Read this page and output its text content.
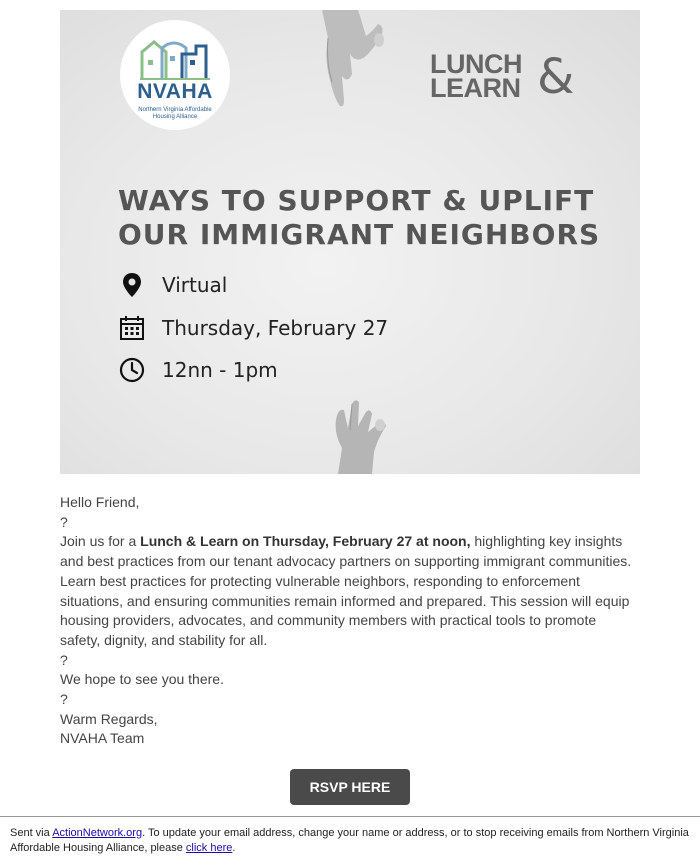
NVAHA
Northern Virginia Affordable Housing Alliance
LUNCH
LEARN &
WAYS TO SUPPORT & UPLIFT
OUR IMMIGRANT NEIGHBORS
Virtual
Thursday, February 27
12nn - 1pm

Hello Friend,

?

Join us for a Lunch & Learn on Thursday, February 27 at noon, highlighting key insights and best practices from our tenant advocacy partners on supporting immigrant communities. Learn best practices for protecting vulnerable neighbors, responding to enforcement situations, and ensuring communities remain informed and prepared. This session will equip housing providers, advocates, and community members with practical tools to promote safety, dignity, and stability for all.

?

We hope to see you there.

?

Warm Regards,

NVAHA Team

RSVP HERE
Sent via ActionNetwork.org. To update your email address, change your name or address, or to stop receiving emails from Northern Virginia Affordable Housing Alliance, please click here.
